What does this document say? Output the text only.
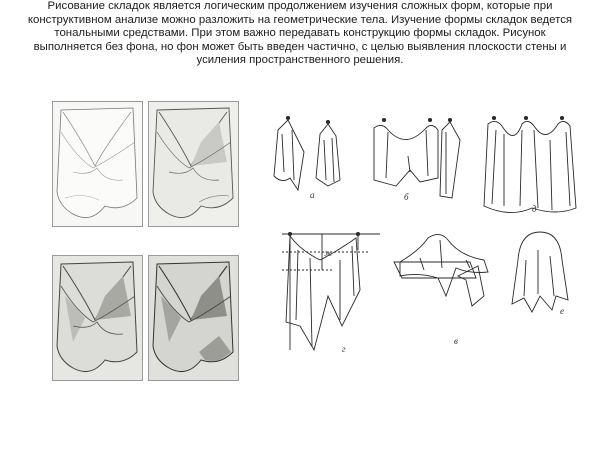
Рисование складок является логическим продолжением изучения сложных форм, которые при конструктивном анализе можно разложить на геометрические тела. Изучение формы складок ведется тональными средствами. При этом важно передавать конструкцию формы складок. Рисунок выполняется без фона, но фон может быть введен частично, с целью выявления плоскости стены и усиления пространственного решения.
а	б
в
г
д
е
ж
